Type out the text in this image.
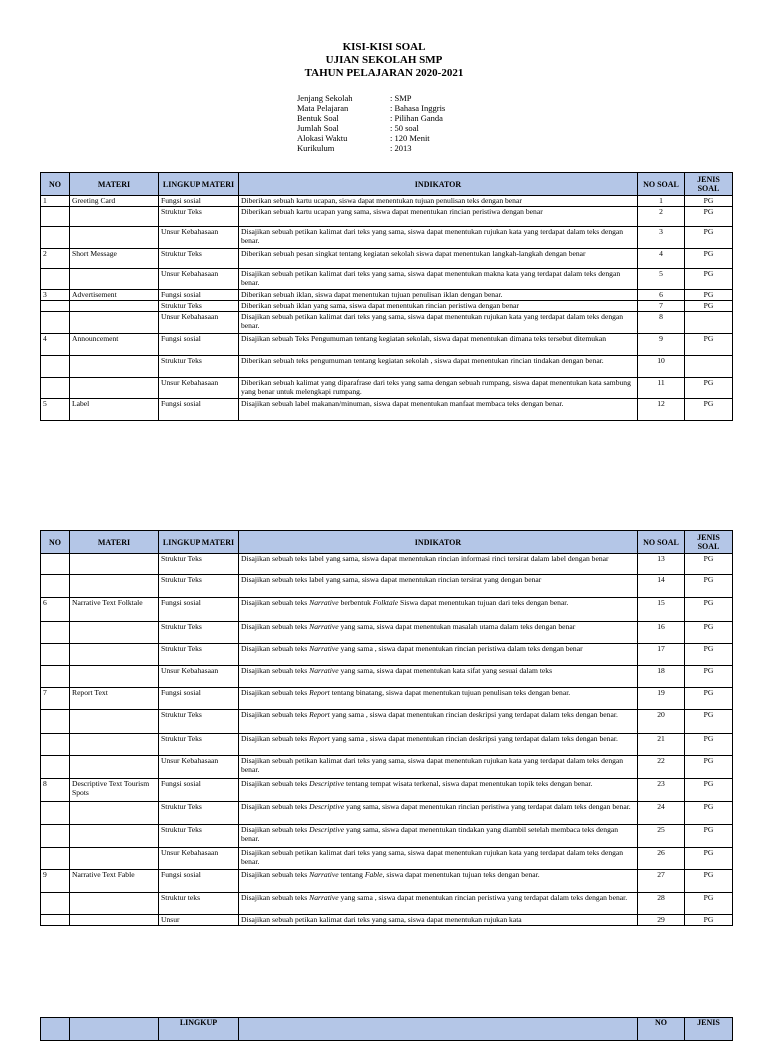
KISI-KISI SOAL
UJIAN SEKOLAH SMP
TAHUN PELAJARAN 2020-2021
Jenjang Sekolah	: SMP
Mata Pelajaran	: Bahasa Inggris
Bentuk Soal	: Pilihan Ganda
Jumlah Soal	: 50 soal
Alokasi Waktu	: 120 Menit
Kurikulum	: 2013
NO	MATERI	LINGKUP MATERI	INDIKATOR	NO SOAL	JENIS SOAL
1	Greeting Card	Fungsi sosial	Diberikan sebuah kartu ucapan, siswa dapat menentukan tujuan penulisan teks dengan benar	1	PG
		Struktur Teks	Diberikan sebuah kartu ucapan yang sama, siswa dapat menentukan rincian peristiwa dengan benar	2	PG
		Unsur Kebahasaan	Disajikan sebuah petikan kalimat dari teks yang sama, siswa dapat menentukan rujukan kata yang terdapat dalam teks dengan benar.	3	PG
2	Short Message	Struktur Teks	Diberikan sebuah pesan singkat tentang kegiatan sekolah siswa dapat menentukan langkah-langkah dengan benar	4	PG
		Unsur Kebahasaan	Disajikan sebuah petikan kalimat dari teks yang sama, siswa dapat menentukan makna kata yang terdapat dalam teks dengan benar.	5	PG
3	Advertisement	Fungsi sosial	Diberikan sebuah iklan, siswa dapat menentukan tujuan penulisan iklan dengan benar.	6	PG
		Struktur Teks	Diberikan sebuah iklan yang sama, siswa dapat menentukan rincian peristiwa dengan benar	7	PG
		Unsur Kebahasaan	Disajikan sebuah petikan kalimat dari teks yang sama, siswa dapat menentukan rujukan kata yang terdapat dalam teks dengan benar.	8	
4	Announcement	Fungsi sosial	Disajikan sebuah Teks Pengumuman tentang kegiatan sekolah, siswa dapat menentukan dimana teks tersebut ditemukan	9	PG
		Struktur Teks	Diberikan sebuah teks pengumuman tentang kegiatan sekolah , siswa dapat menentukan rincian tindakan dengan benar.	10	
		Unsur Kebahasaan	Diberikan sebuah kalimat yang diparafrase dari teks yang sama dengan sebuah rumpang, siswa dapat menentukan kata sambung yang benar untuk melengkapi rumpang.	11	PG
5	Label	Fungsi sosial	Disajikan sebuah label makanan/minuman, siswa dapat menentukan manfaat membaca teks dengan benar.	12	PG
NO	MATERI	LINGKUP MATERI	INDIKATOR	NO SOAL	JENIS SOAL
		Struktur Teks	Disajikan sebuah teks label yang sama, siswa dapat menentukan rincian informasi rinci tersirat dalam label dengan benar	13	PG
		Struktur Teks	Disajikan sebuah teks label yang sama, siswa dapat menentukan rincian tersirat yang dengan benar	14	PG
6	Narrative Text Folktale	Fungsi sosial	Disajikan sebuah teks Narrative berbentuk Folktale Siswa dapat menentukan tujuan dari teks dengan benar.	15	PG
		Struktur Teks	Disajikan sebuah teks Narrative yang sama, siswa dapat menentukan masalah utama dalam teks dengan benar	16	PG
		Struktur Teks	Disajikan sebuah teks Narrative yang sama , siswa dapat menentukan rincian peristiwa dalam teks dengan benar	17	PG
		Unsur Kebahasaan	Disajikan sebuah teks Narrative yang sama, siswa dapat menentukan kata sifat yang sesuai dalam teks	18	PG
7	Report Text	Fungsi sosial	Disajikan sebuah teks Report tentang binatang, siswa dapat menentukan tujuan penulisan teks dengan benar.	19	PG
		Struktur Teks	Disajikan sebuah teks Report yang sama , siswa dapat menentukan rincian deskripsi yang terdapat dalam teks dengan benar.	20	PG
		Struktur Teks	Disajikan sebuah teks Report yang sama , siswa dapat menentukan rincian deskripsi yang terdapat dalam teks dengan benar.	21	PG
		Unsur Kebahasaan	Disajikan sebuah petikan kalimat dari teks yang sama, siswa dapat menentukan rujukan kata yang terdapat dalam teks dengan benar.	22	PG
8	Descriptive Text Tourism Spots	Fungsi sosial	Disajikan sebuah teks Descriptive tentang tempat wisata terkenal, siswa dapat menentukan topik teks dengan benar.	23	PG
		Struktur Teks	Disajikan sebuah teks Descriptive yang sama, siswa dapat menentukan rincian peristiwa yang terdapat dalam teks dengan benar.	24	PG
		Struktur Teks	Disajikan sebuah teks Descriptive yang sama, siswa dapat menentukan tindakan yang diambil setelah membaca teks dengan benar.	25	PG
		Unsur Kebahasaan	Disajikan sebuah petikan kalimat dari teks yang sama, siswa dapat menentukan rujukan kata yang terdapat dalam teks dengan benar.	26	PG
9	Narrative Text Fable	Fungsi sosial	Disajikan sebuah teks Narrative tentang Fable, siswa dapat menentukan tujuan teks dengan benar.	27	PG
		Struktur teks	Disajikan sebuah teks Narrative yang sama , siswa dapat menentukan rincian peristiwa yang terdapat dalam teks dengan benar.	28	PG
		Unsur	Disajikan sebuah petikan kalimat dari teks yang sama, siswa dapat menentukan rujukan kata	29	PG
		LINGKUP		NO	JENIS
